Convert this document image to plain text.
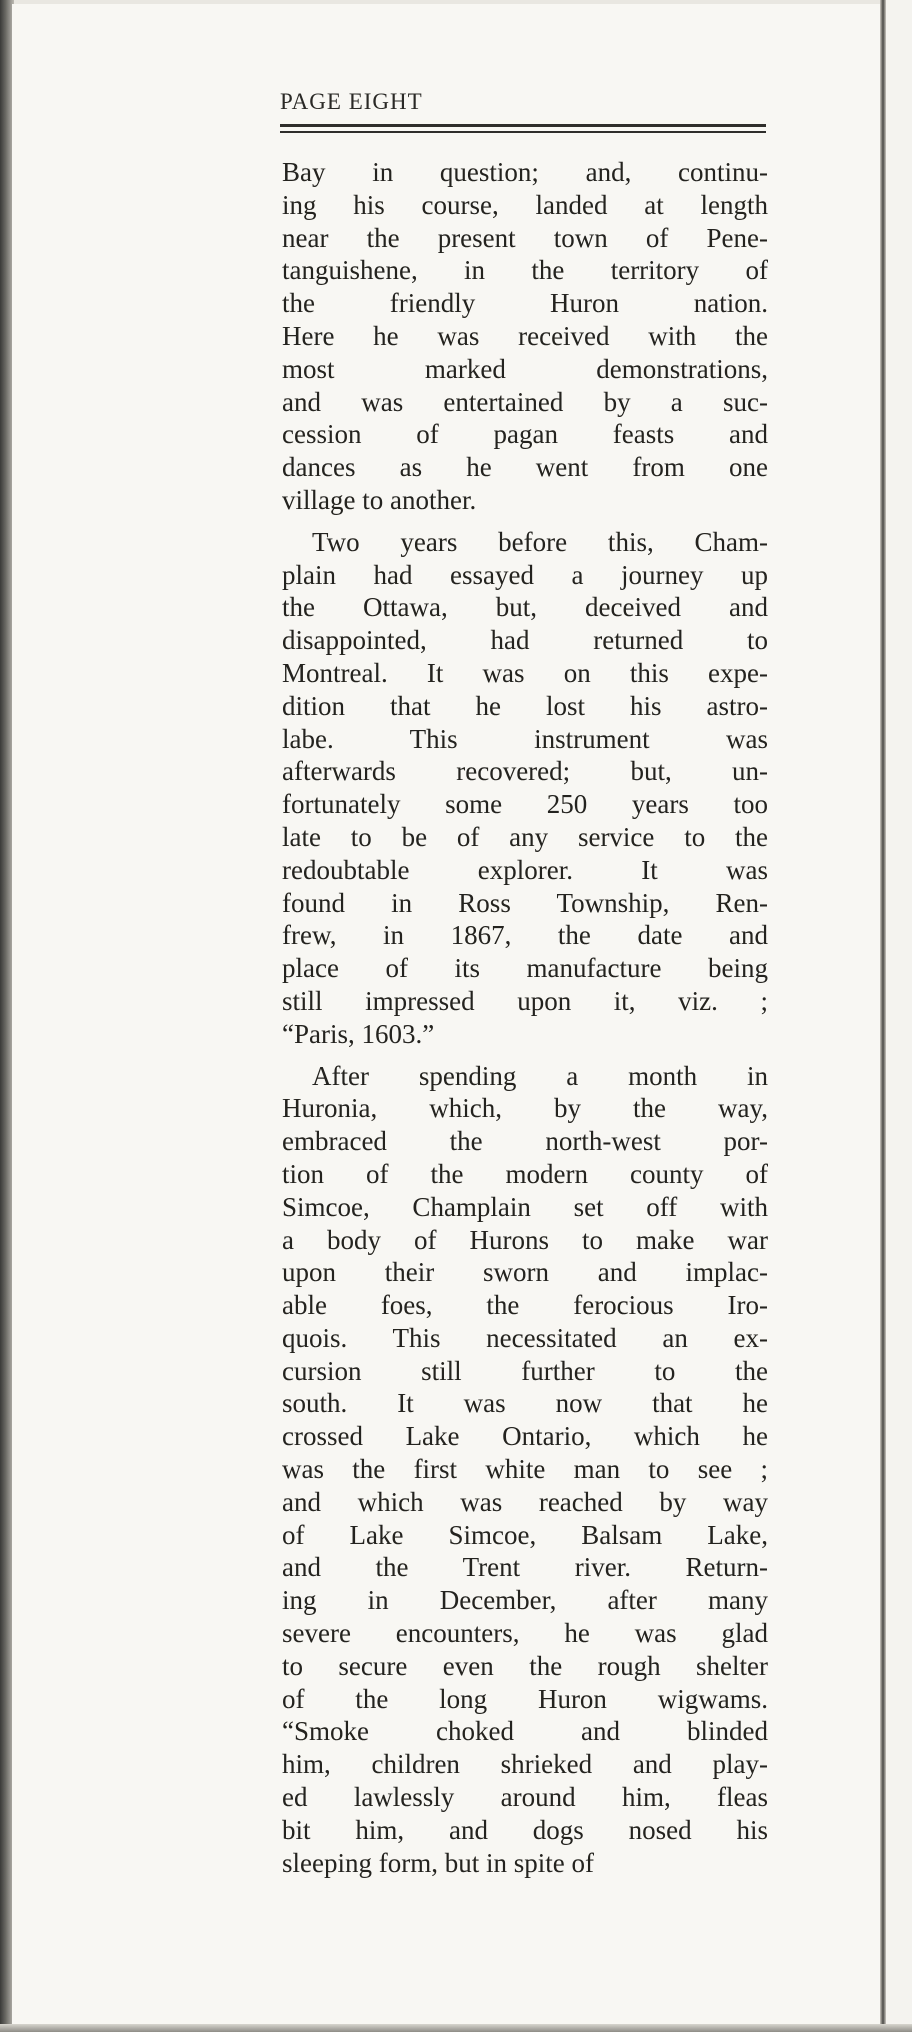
PAGE EIGHT
Bay in question; and, continu-
ing his course, landed at length
near the present town of Pene-
tanguishene, in the territory of
the friendly Huron nation.
Here he was received with the
most marked demonstrations,
and was entertained by a suc-
cession of pagan feasts and
dances as he went from one
village to another.
Two years before this, Cham-
plain had essayed a journey up
the Ottawa, but, deceived and
disappointed, had returned to
Montreal. It was on this expe-
dition that he lost his astro-
labe. This instrument was
afterwards recovered; but, un-
fortunately some 250 years too
late to be of any service to the
redoubtable explorer. It was
found in Ross Township, Ren-
frew, in 1867, the date and
place of its manufacture being
still impressed upon it, viz. ;
“Paris, 1603.”
After spending a month in
Huronia, which, by the way,
embraced the north-west por-
tion of the modern county of
Simcoe, Champlain set off with
a body of Hurons to make war
upon their sworn and implac-
able foes, the ferocious Iro-
quois. This necessitated an ex-
cursion still further to the
south. It was now that he
crossed Lake Ontario, which he
was the first white man to see ;
and which was reached by way
of Lake Simcoe, Balsam Lake,
and the Trent river. Return-
ing in December, after many
severe encounters, he was glad
to secure even the rough shelter
of the long Huron wigwams.
“Smoke choked and blinded
him, children shrieked and play-
ed lawlessly around him, fleas
bit him, and dogs nosed his
sleeping form, but in spite of
